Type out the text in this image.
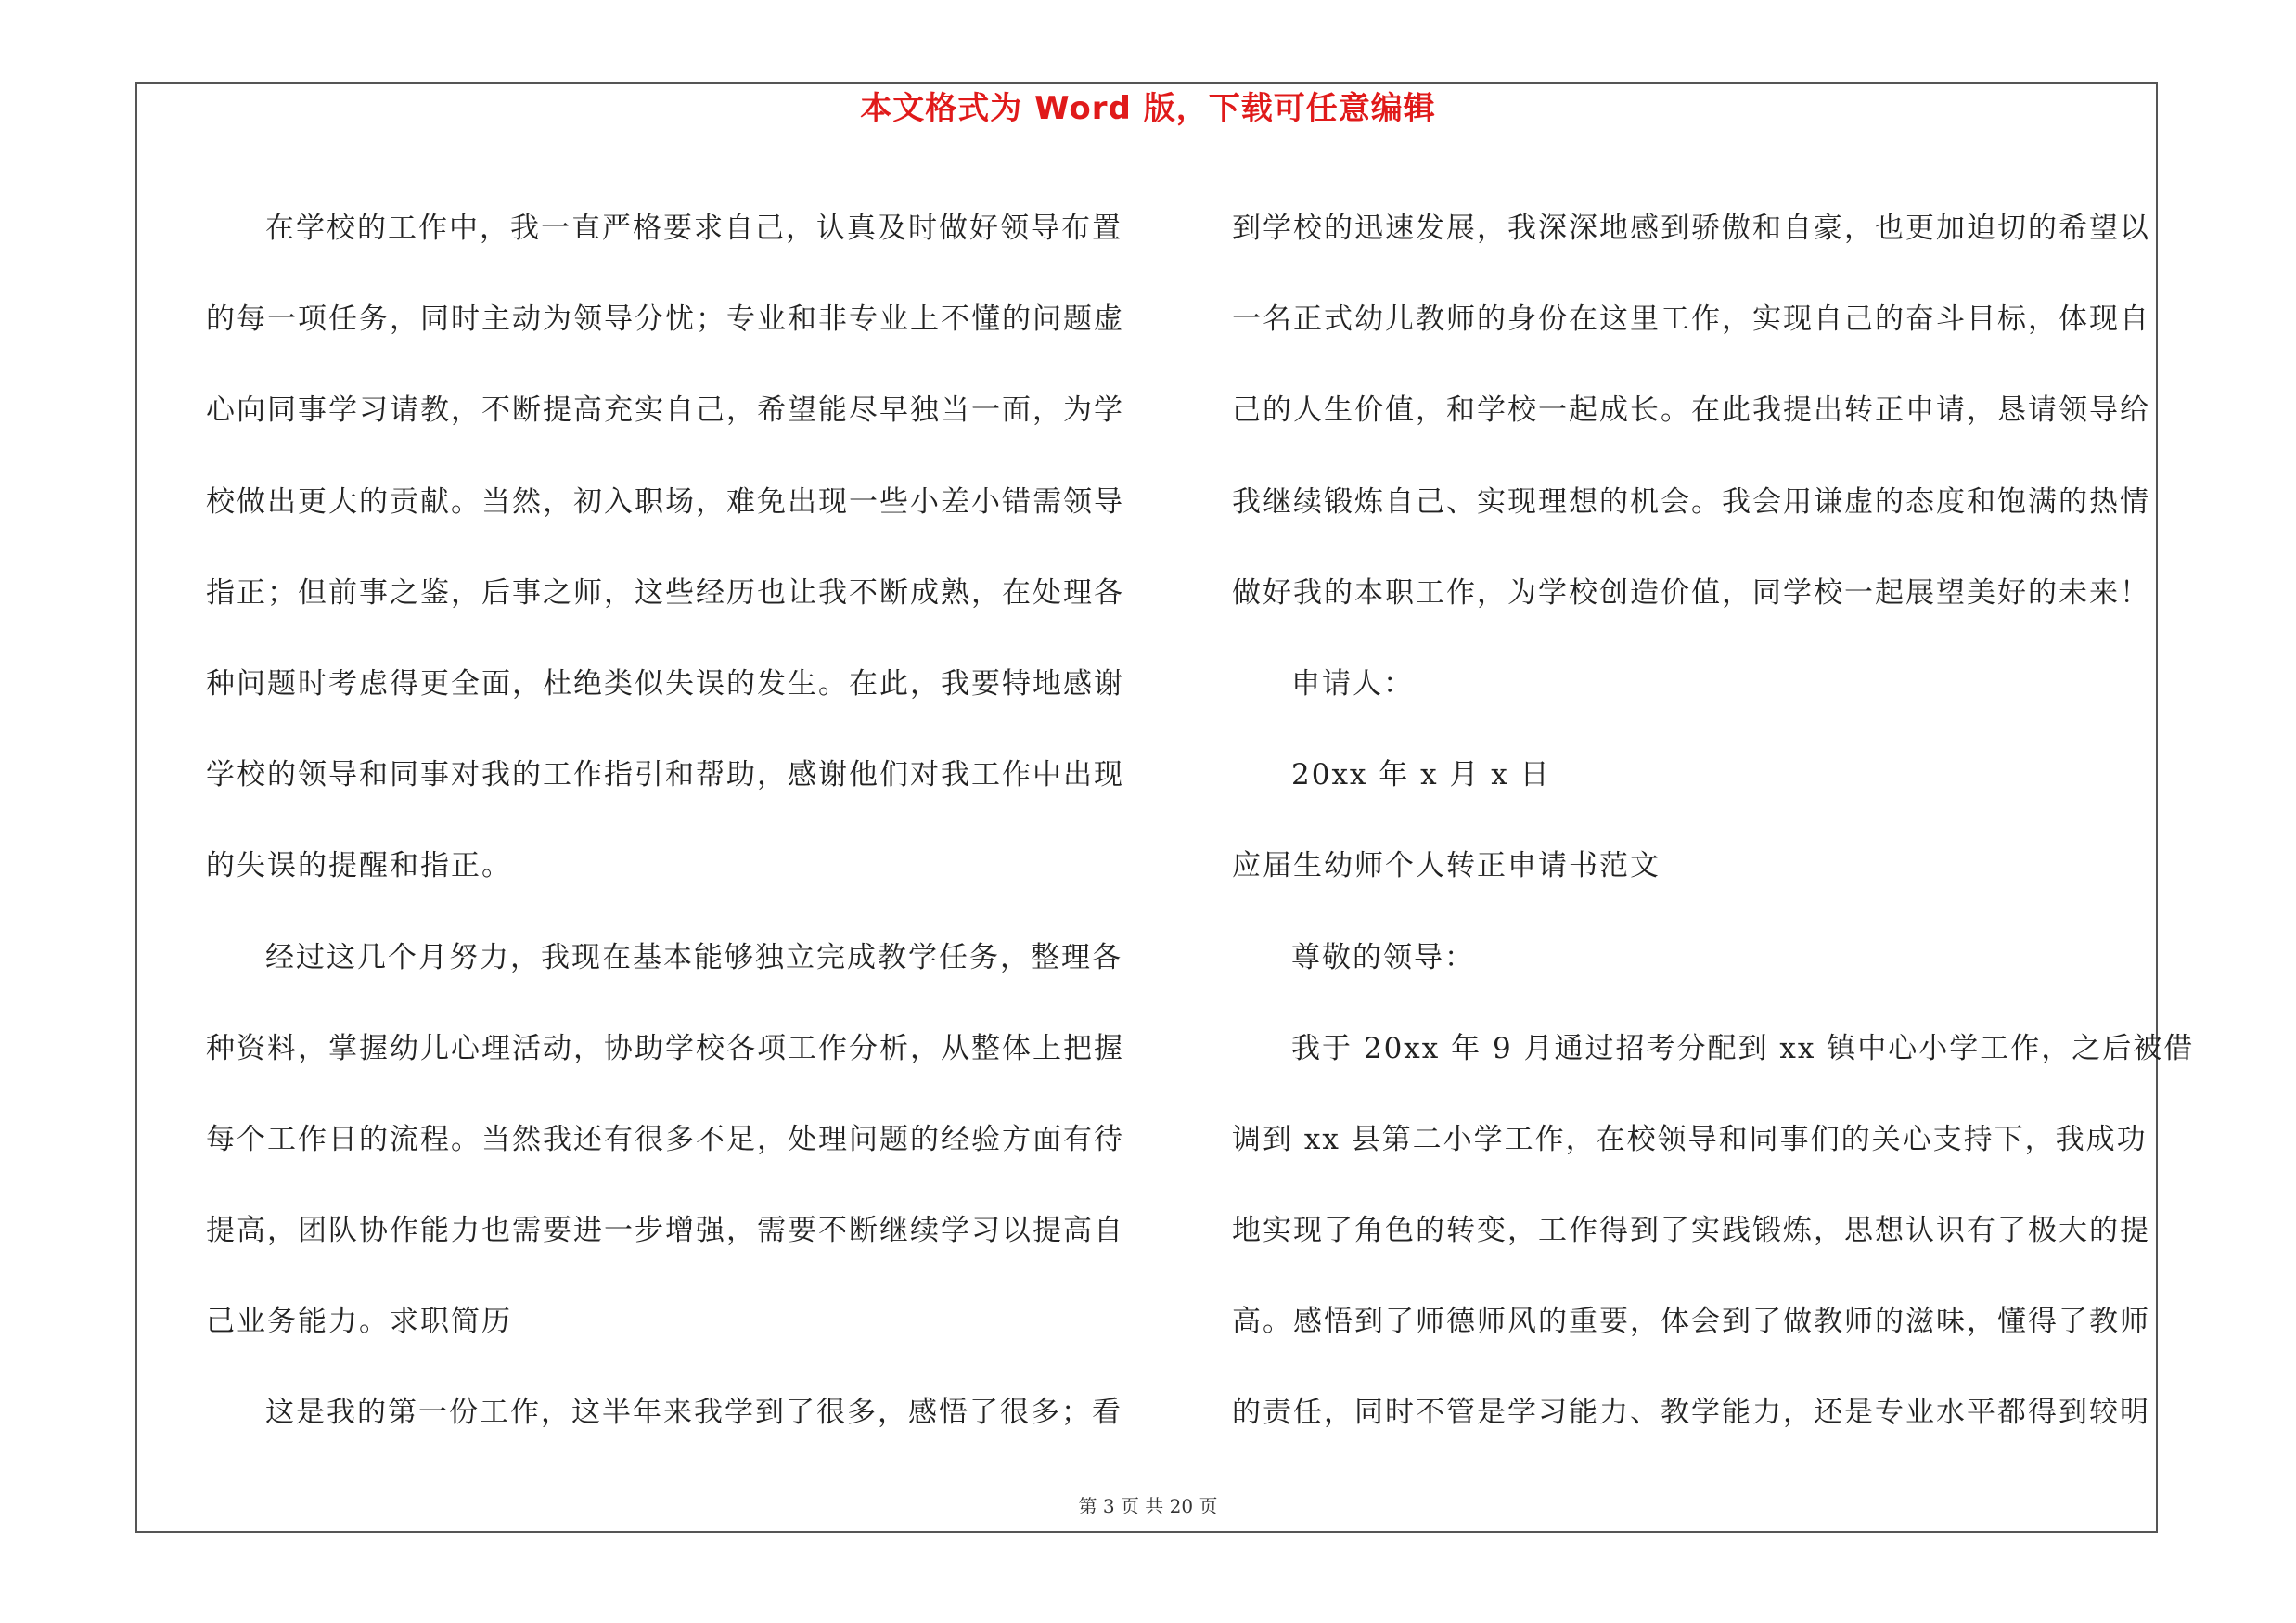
本文格式为 Word 版，下载可任意编辑
在学校的工作中，我一直严格要求自己，认真及时做好领导布置
的每一项任务，同时主动为领导分忧；专业和非专业上不懂的问题虚
心向同事学习请教，不断提高充实自己，希望能尽早独当一面，为学
校做出更大的贡献。当然，初入职场，难免出现一些小差小错需领导
指正；但前事之鉴，后事之师，这些经历也让我不断成熟，在处理各
种问题时考虑得更全面，杜绝类似失误的发生。在此，我要特地感谢
学校的领导和同事对我的工作指引和帮助，感谢他们对我工作中出现
的失误的提醒和指正。
经过这几个月努力，我现在基本能够独立完成教学任务，整理各
种资料，掌握幼儿心理活动，协助学校各项工作分析，从整体上把握
每个工作日的流程。当然我还有很多不足，处理问题的经验方面有待
提高，团队协作能力也需要进一步增强，需要不断继续学习以提高自
己业务能力。求职简历
这是我的第一份工作，这半年来我学到了很多，感悟了很多；看
到学校的迅速发展，我深深地感到骄傲和自豪，也更加迫切的希望以
一名正式幼儿教师的身份在这里工作，实现自己的奋斗目标，体现自
己的人生价值，和学校一起成长。在此我提出转正申请，恳请领导给
我继续锻炼自己、实现理想的机会。我会用谦虚的态度和饱满的热情
做好我的本职工作，为学校创造价值，同学校一起展望美好的未来！
申请人：
20xx 年 x 月 x 日
应届生幼师个人转正申请书范文
尊敬的领导：
我于 20xx 年 9 月通过招考分配到 xx 镇中心小学工作，之后被借
调到 xx 县第二小学工作，在校领导和同事们的关心支持下，我成功
地实现了角色的转变，工作得到了实践锻炼，思想认识有了极大的提
高。感悟到了师德师风的重要，体会到了做教师的滋味，懂得了教师
的责任，同时不管是学习能力、教学能力，还是专业水平都得到较明
第 3 页 共 20 页
